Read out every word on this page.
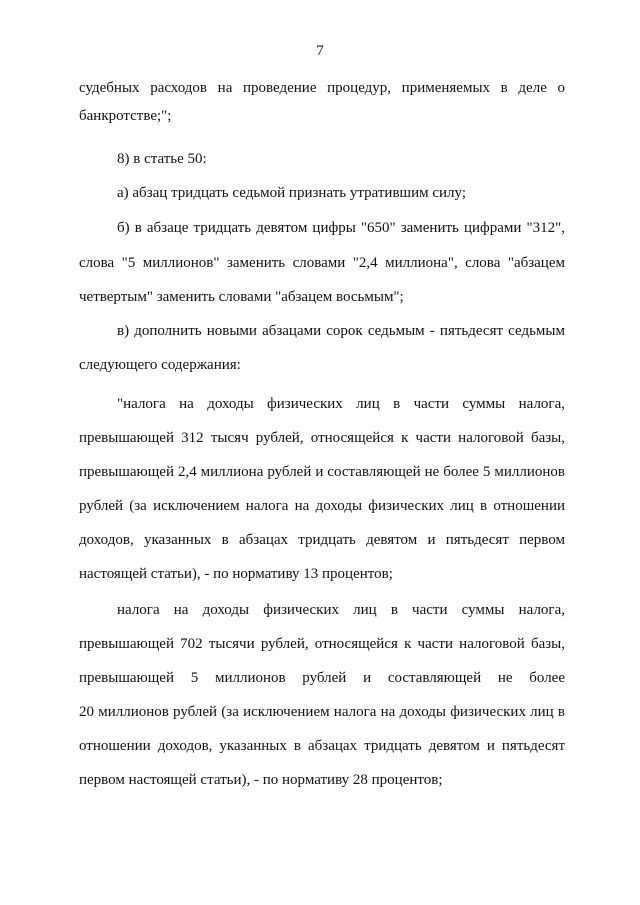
7
судебных расходов на проведение процедур, применяемых в деле о
банкротстве;";
8) в статье 50:
а) абзац тридцать седьмой признать утратившим силу;
б) в абзаце тридцать девятом цифры "650" заменить цифрами "312",
слова "5 миллионов" заменить словами "2,4 миллиона", слова "абзацем
четвертым" заменить словами "абзацем восьмым";
в) дополнить новыми абзацами сорок седьмым - пятьдесят седьмым
следующего содержания:
"налога на доходы физических лиц в части суммы налога,
превышающей 312 тысяч рублей, относящейся к части налоговой базы,
превышающей 2,4 миллиона рублей и составляющей не более 5 миллионов
рублей (за исключением налога на доходы физических лиц в отношении
доходов, указанных в абзацах тридцать девятом и пятьдесят первом
настоящей статьи), - по нормативу 13 процентов;
налога на доходы физических лиц в части суммы налога,
превышающей 702 тысячи рублей, относящейся к части налоговой базы,
превышающей 5 миллионов рублей и составляющей не более
20 миллионов рублей (за исключением налога на доходы физических лиц в
отношении доходов, указанных в абзацах тридцать девятом и пятьдесят
первом настоящей статьи), - по нормативу 28 процентов;
